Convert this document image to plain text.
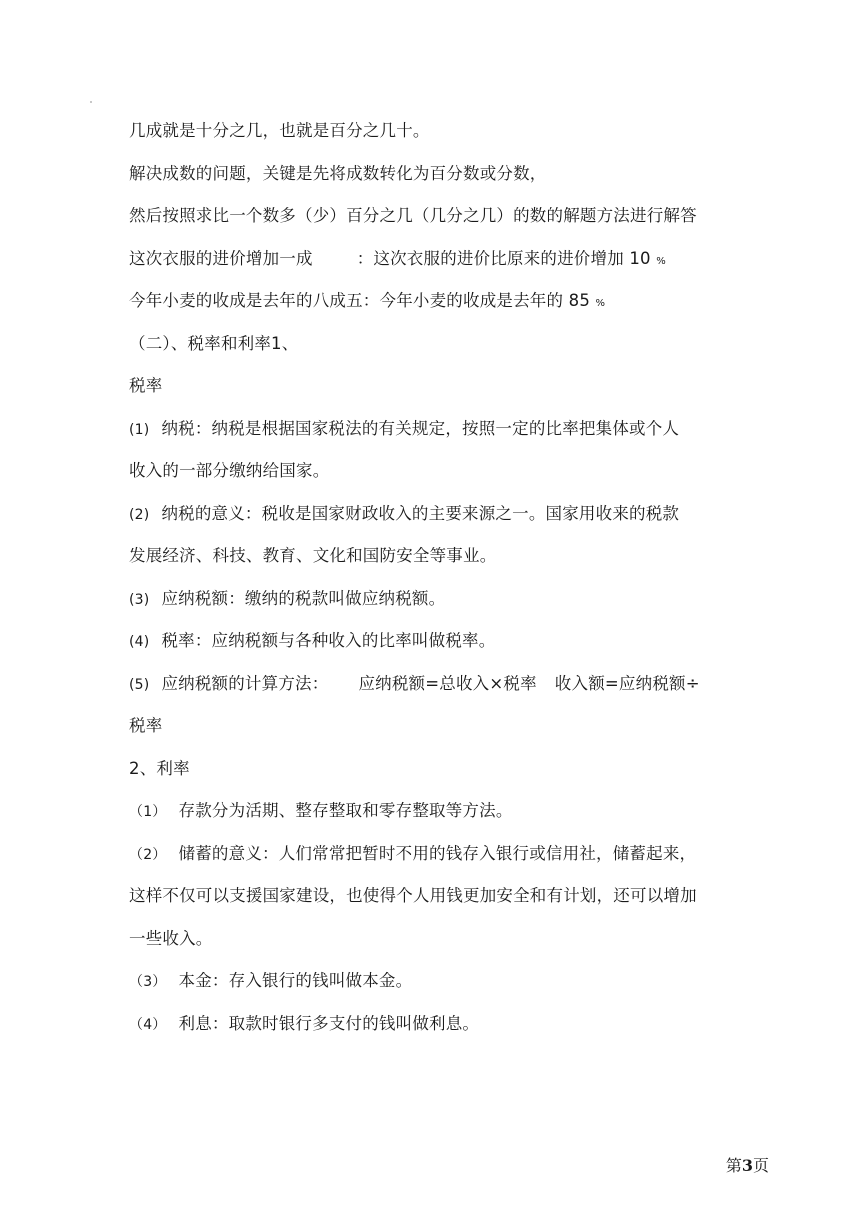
几成就是十分之几，也就是百分之几十。
解决成数的问题，关键是先将成数转化为百分数或分数，
然后按照求比一个数多（少）百分之几（几分之几）的数的解题方法进行解答
这次衣服的进价增加一成	：这次衣服的进价比原来的进价增加 10 %
今年小麦的收成是去年的八成五：今年小麦的收成是去年的 85 %
（二）、税率和利率1、
税率
(1) 纳税：纳税是根据国家税法的有关规定，按照一定的比率把集体或个人
收入的一部分缴纳给国家。
(2) 纳税的意义：税收是国家财政收入的主要来源之一。国家用收来的税款
发展经济、科技、教育、文化和国防安全等事业。
(3) 应纳税额：缴纳的税款叫做应纳税额。
(4) 税率：应纳税额与各种收入的比率叫做税率。
(5) 应纳税额的计算方法： 应纳税额=总收入×税率 收入额=应纳税额÷
税率
2、利率
（1） 存款分为活期、整存整取和零存整取等方法。
（2） 储蓄的意义：人们常常把暂时不用的钱存入银行或信用社，储蓄起来，
这样不仅可以支援国家建设，也使得个人用钱更加安全和有计划，还可以增加
一些收入。
（3） 本金：存入银行的钱叫做本金。
（4） 利息：取款时银行多支付的钱叫做利息。
第3页
